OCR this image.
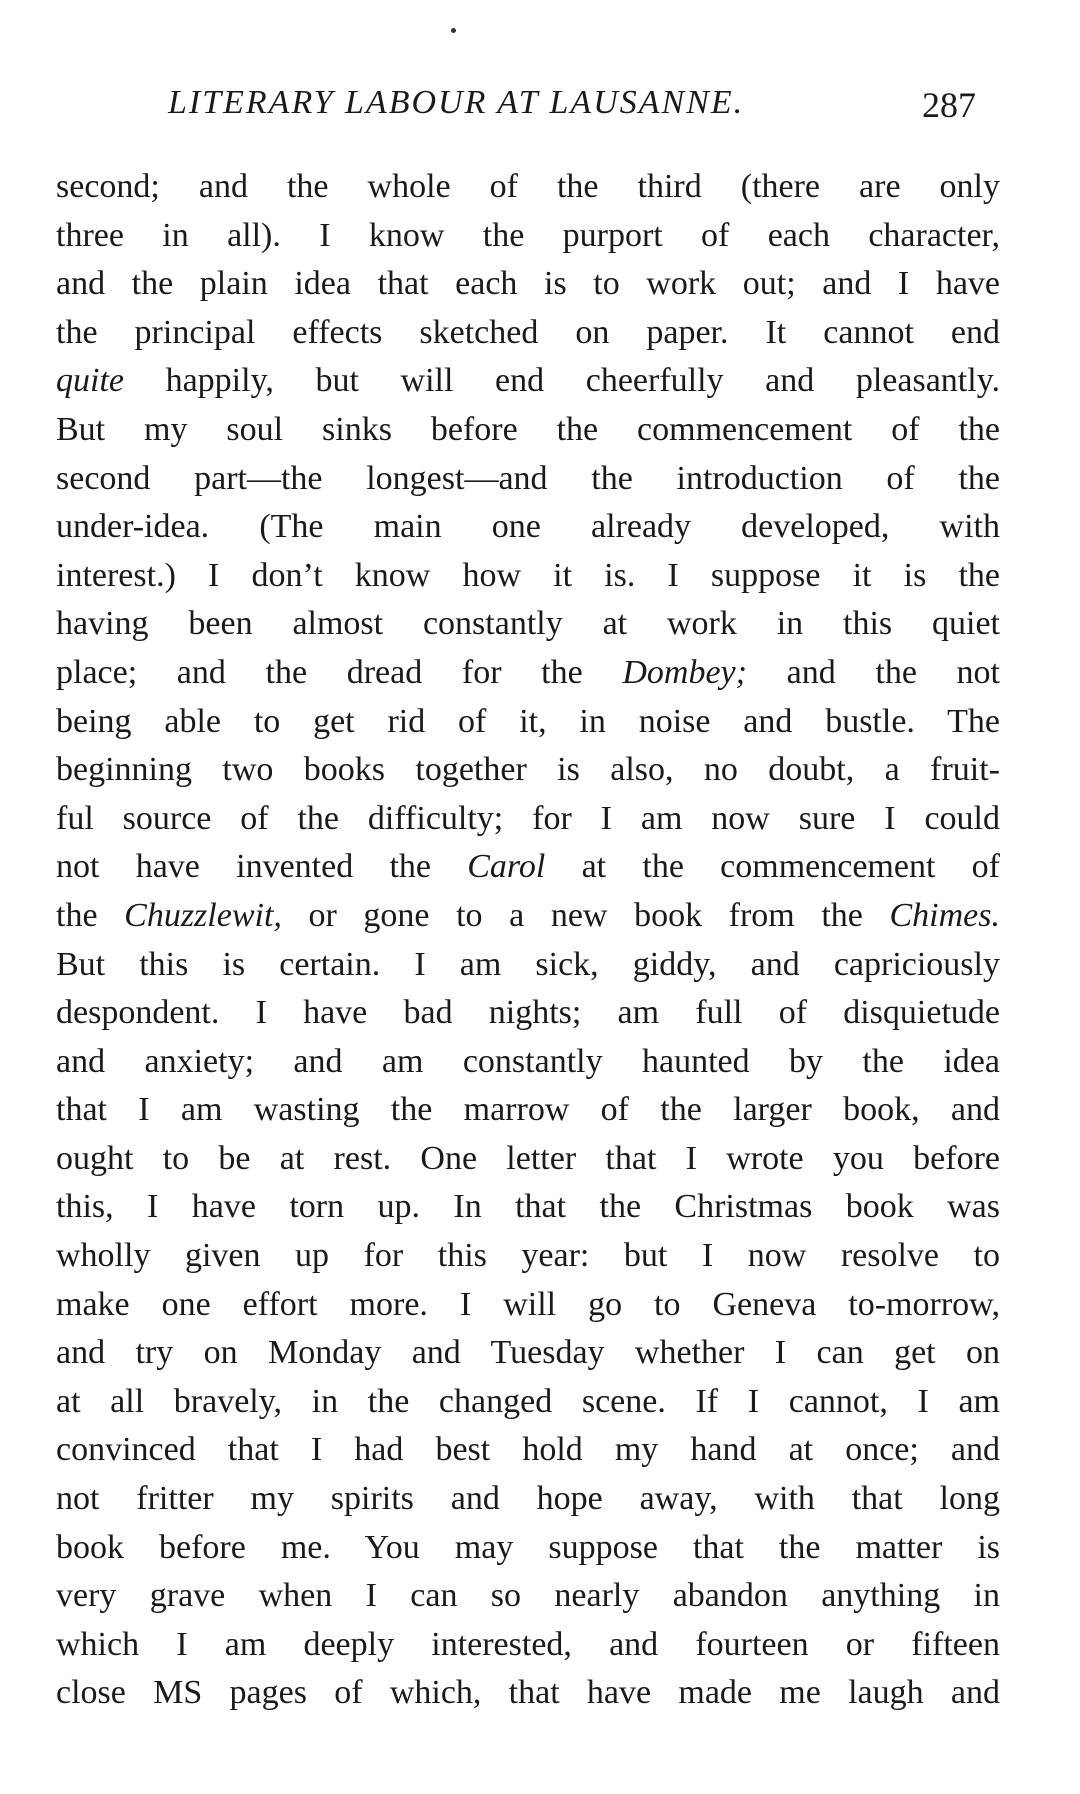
LITERARY LABOUR AT LAUSANNE.	287
second; and the whole of the third (there are only
three in all). I know the purport of each character,
and the plain idea that each is to work out; and I have
the principal effects sketched on paper. It cannot end
quite happily, but will end cheerfully and pleasantly.
But my soul sinks before the commencement of the
second part—the longest—and the introduction of the
under-idea. (The main one already developed, with
interest.) I don’t know how it is. I suppose it is the
having been almost constantly at work in this quiet
place; and the dread for the Dombey; and the not
being able to get rid of it, in noise and bustle. The
beginning two books together is also, no doubt, a fruit-
ful source of the difficulty; for I am now sure I could
not have invented the Carol at the commencement of
the Chuzzlewit, or gone to a new book from the Chimes.
But this is certain. I am sick, giddy, and capriciously
despondent. I have bad nights; am full of disquietude
and anxiety; and am constantly haunted by the idea
that I am wasting the marrow of the larger book, and
ought to be at rest. One letter that I wrote you before
this, I have torn up. In that the Christmas book was
wholly given up for this year: but I now resolve to
make one effort more. I will go to Geneva to-morrow,
and try on Monday and Tuesday whether I can get on
at all bravely, in the changed scene. If I cannot, I am
convinced that I had best hold my hand at once; and
not fritter my spirits and hope away, with that long
book before me. You may suppose that the matter is
very grave when I can so nearly abandon anything in
which I am deeply interested, and fourteen or fifteen
close MS pages of which, that have made me laugh and
